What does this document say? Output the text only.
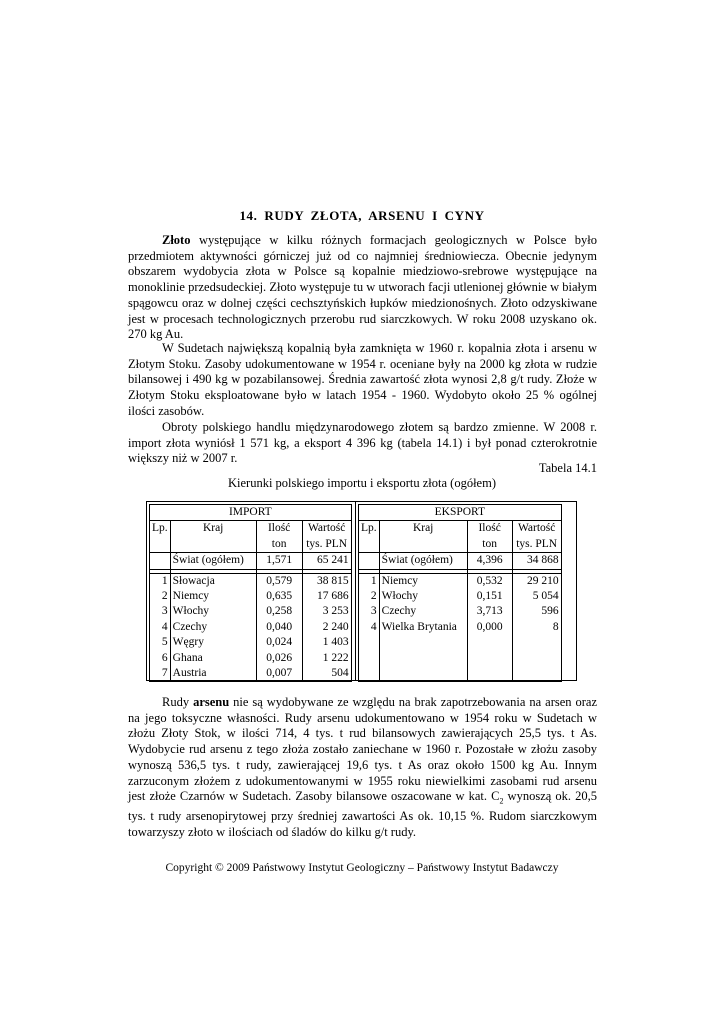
14. RUDY ZŁOTA, ARSENU I CYNY

Złoto występujące w kilku różnych formacjach geologicznych w Polsce było przedmiotem aktywności górniczej już od co najmniej średniowiecza. Obecnie jedynym obszarem wydobycia złota w Polsce są kopalnie miedziowo-srebrowe występujące na monoklinie przedsudeckiej. Złoto występuje tu w utworach facji utlenionej głównie w białym spągowcu oraz w dolnej części cechsztyńskich łupków miedzionośnych. Złoto odzyskiwane jest w procesach technologicznych przerobu rud siarczkowych. W roku 2008 uzyskano ok. 270 kg Au.

W Sudetach największą kopalnią była zamknięta w 1960 r. kopalnia złota i arsenu w Złotym Stoku. Zasoby udokumentowane w 1954 r. oceniane były na 2000 kg złota w rudzie bilansowej i 490 kg w pozabilansowej. Średnia zawartość złota wynosi 2,8 g/t rudy. Złoże w Złotym Stoku eksploatowane było w latach 1954 - 1960. Wydobyto około 25 % ogólnej ilości zasobów.

Obroty polskiego handlu międzynarodowego złotem są bardzo zmienne. W 2008 r. import złota wyniósł 1 571 kg, a eksport 4 396 kg (tabela 14.1) i był ponad czterokrotnie większy niż w 2007 r.

Tabela 14.1
Kierunki polskiego importu i eksportu złota (ogółem)
IMPORT			
Lp.	Kraj	Ilość	Wartość
		ton	tys. PLN
	Świat (ogółem)	1,571	65 241

1	Słowacja	0,579	38 815
2	Niemcy	0,635	17 686
3	Włochy	0,258	3 253
4	Czechy	0,040	2 240
5	Węgry	0,024	1 403
6	Ghana	0,026	1 222
7	Austria	0,007	504
EKSPORT			
Lp.	Kraj	Ilość	Wartość
		ton	tys. PLN
	Świat (ogółem)	4,396	34 868

1	Niemcy	0,532	29 210
2	Włochy	0,151	5 054
3	Czechy	3,713	596
4	Wielka Brytania	0,000	8

Rudy arsenu nie są wydobywane ze względu na brak zapotrzebowania na arsen oraz na jego toksyczne własności. Rudy arsenu udokumentowano w 1954 roku w Sudetach w złożu Złoty Stok, w ilości 714, 4 tys. t rud bilansowych zawierających 25,5 tys. t As. Wydobycie rud arsenu z tego złoża zostało zaniechane w 1960 r. Pozostałe w złożu zasoby wynoszą 536,5 tys. t rudy, zawierającej 19,6 tys. t As oraz około 1500 kg Au. Innym zarzuconym złożem z udokumentowanymi w 1955 roku niewielkimi zasobami rud arsenu jest złoże Czarnów w Sudetach. Zasoby bilansowe oszacowane w kat. $C_2$ wynoszą ok. 20,5 tys. t rudy arsenopirytowej przy średniej zawartości As ok. 10,15 %. Rudom siarczkowym towarzyszy złoto w ilościach od śladów do kilku g/t rudy.

Copyright © 2009 Państwowy Instytut Geologiczny – Państwowy Instytut Badawczy
